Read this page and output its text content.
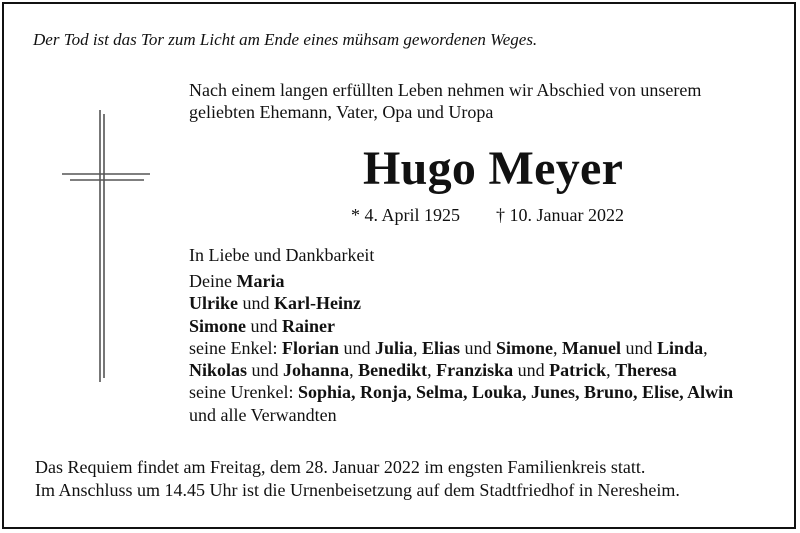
Der Tod ist das Tor zum Licht am Ende eines mühsam gewordenen Weges.
Nach einem langen erfüllten Leben nehmen wir Abschied von unserem
geliebten Ehemann, Vater, Opa und Uropa
Hugo Meyer
* 4. April 1925 † 10. Januar 2022
In Liebe und Dankbarkeit
Deine Maria
Ulrike und Karl-Heinz
Simone und Rainer
seine Enkel: Florian und Julia, Elias und Simone, Manuel und Linda,
Nikolas und Johanna, Benedikt, Franziska und Patrick, Theresa
seine Urenkel: Sophia, Ronja, Selma, Louka, Junes, Bruno, Elise, Alwin
und alle Verwandten
Das Requiem findet am Freitag, dem 28. Januar 2022 im engsten Familienkreis statt.
Im Anschluss um 14.45 Uhr ist die Urnenbeisetzung auf dem Stadtfriedhof in Neresheim.
